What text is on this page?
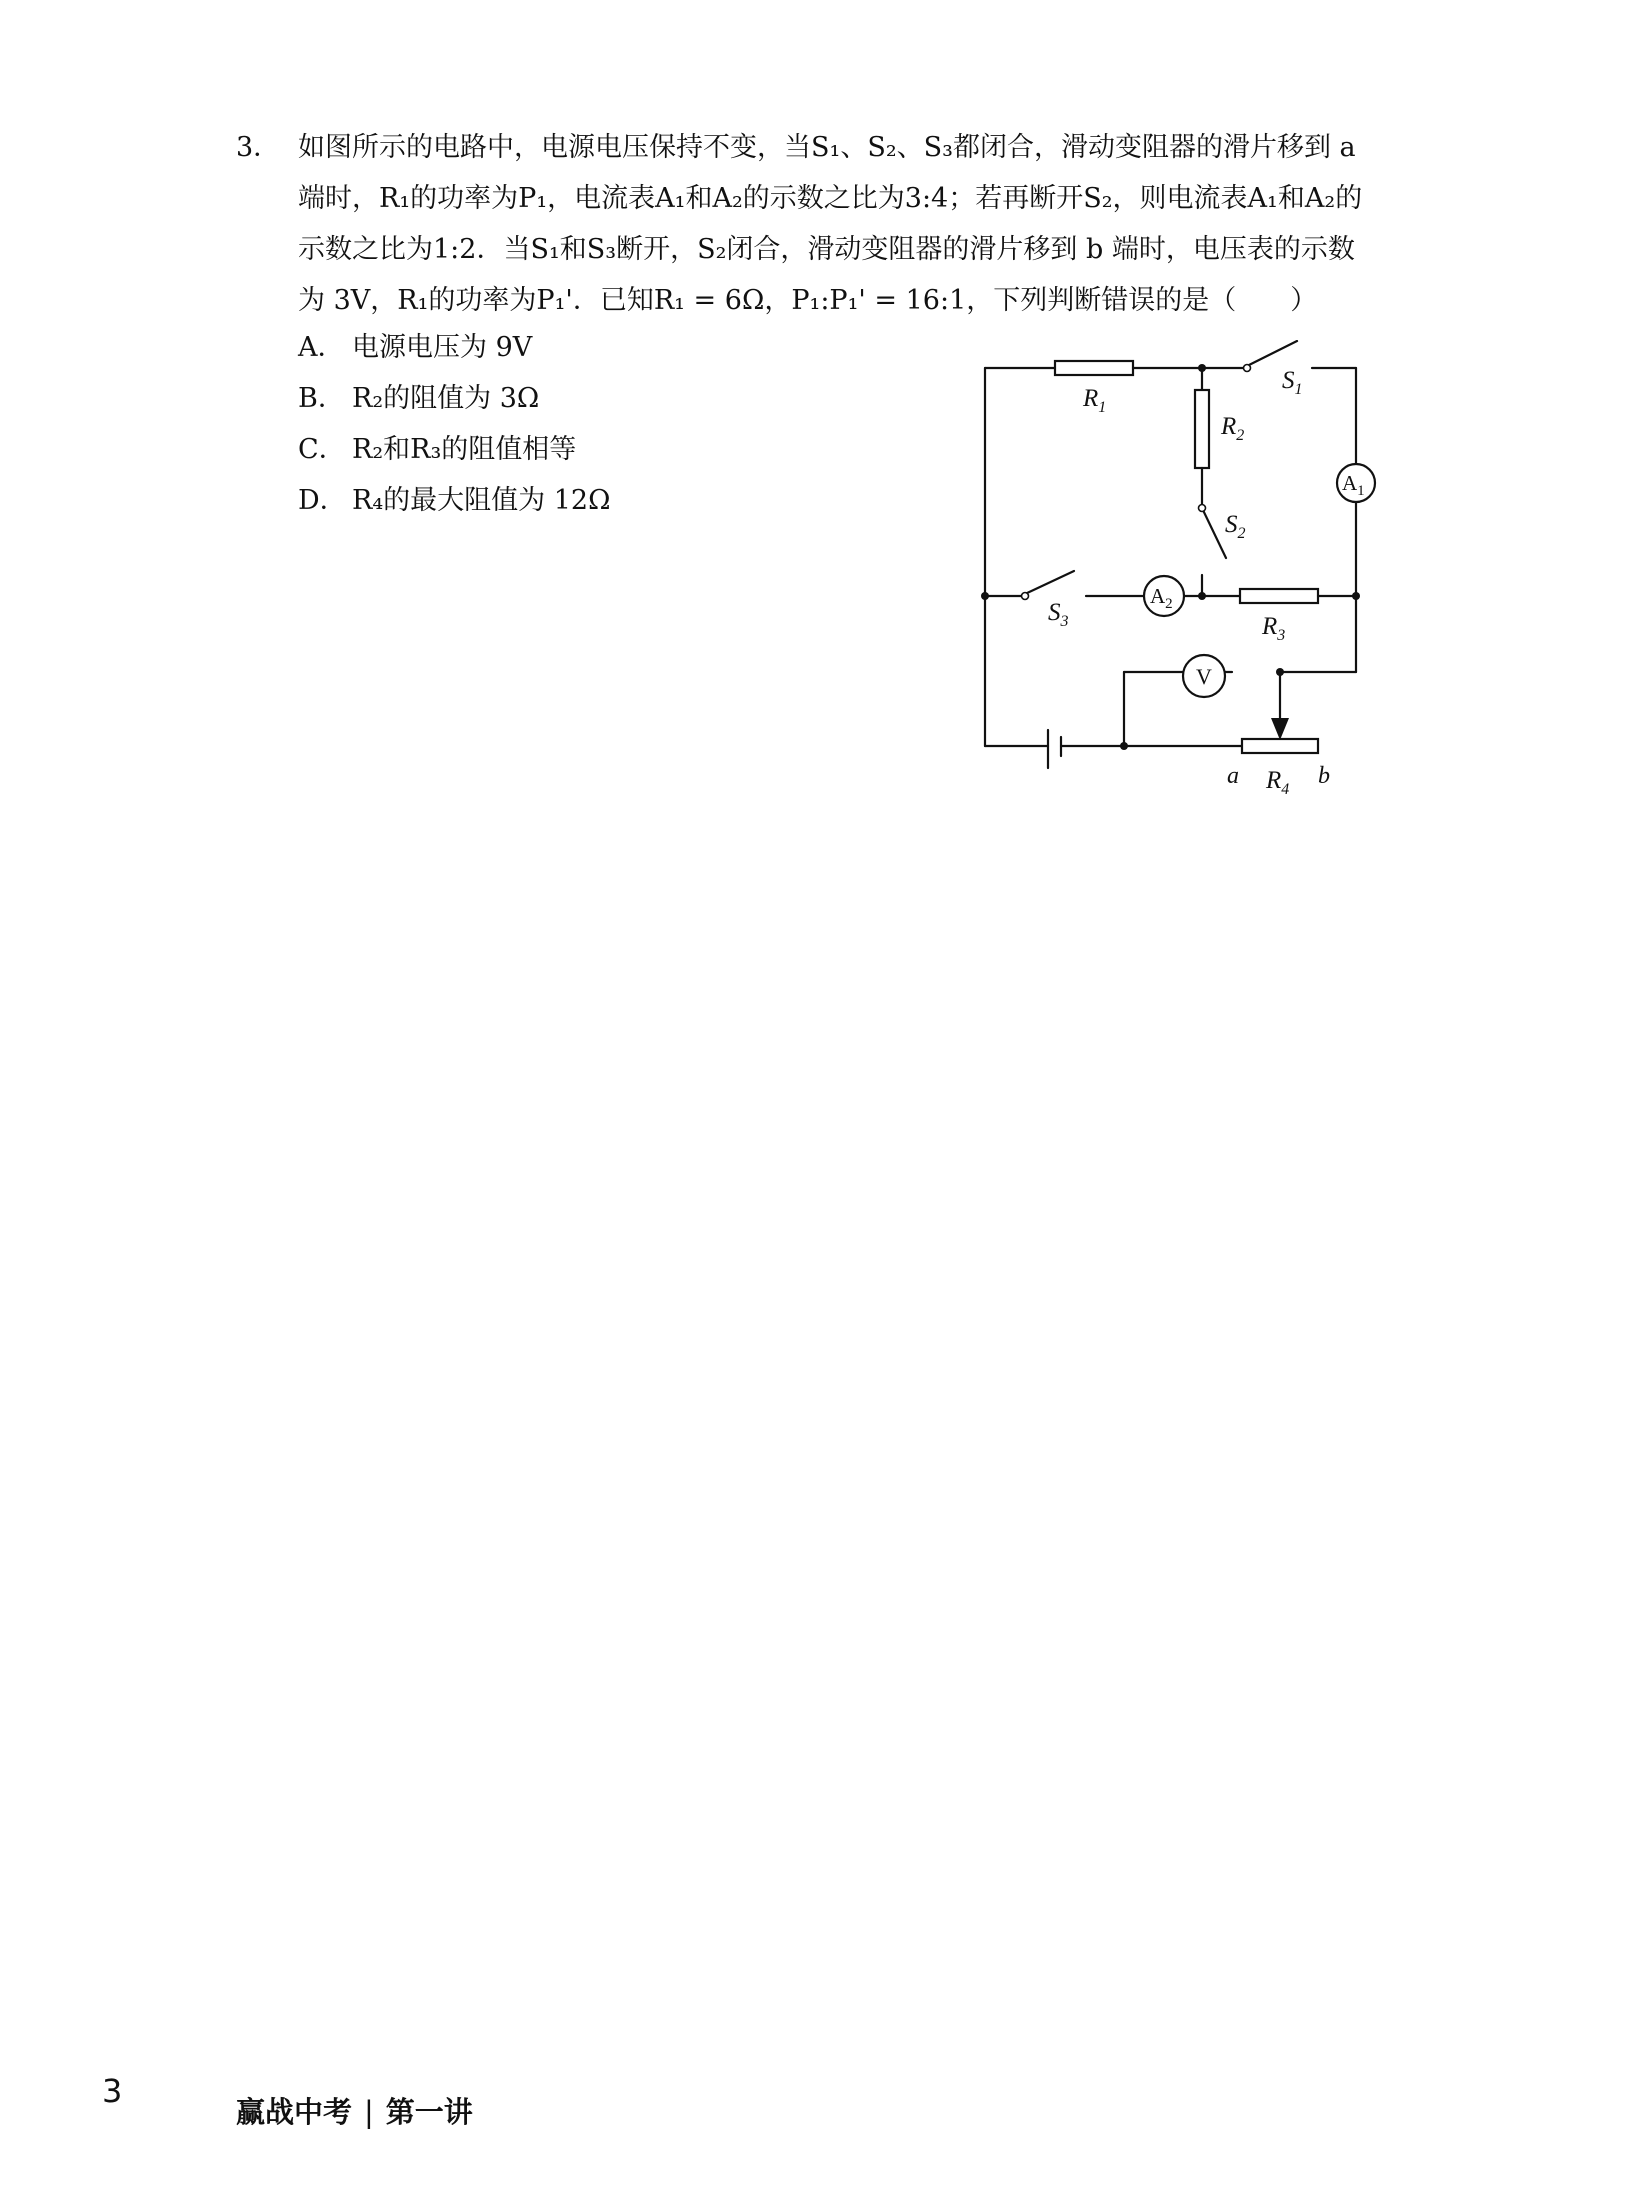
3． 如图所示的电路中，电源电压保持不变，当S₁、S₂、S₃都闭合，滑动变阻器的滑片移到 a
端时，R₁的功率为P₁，电流表A₁和A₂的示数之比为3:4；若再断开S₂，则电流表A₁和A₂的
示数之比为1:2．当S₁和S₃断开，S₂闭合，滑动变阻器的滑片移到 b 端时，电压表的示数
为 3V，R₁的功率为P₁'．已知R₁ = 6Ω，P₁:P₁' = 16:1，下列判断错误的是（　　）
A． 电源电压为 9V
B． R₂的阻值为 3Ω
C． R₂和R₃的阻值相等
D． R₄的最大阻值为 12Ω
$R_1$
$R_2$
$R_3$
$R_4$
$S_1$
$S_2$
$S_3$
$A_1$
$A_2$
V
a	b
3
赢战中考 | 第一讲
